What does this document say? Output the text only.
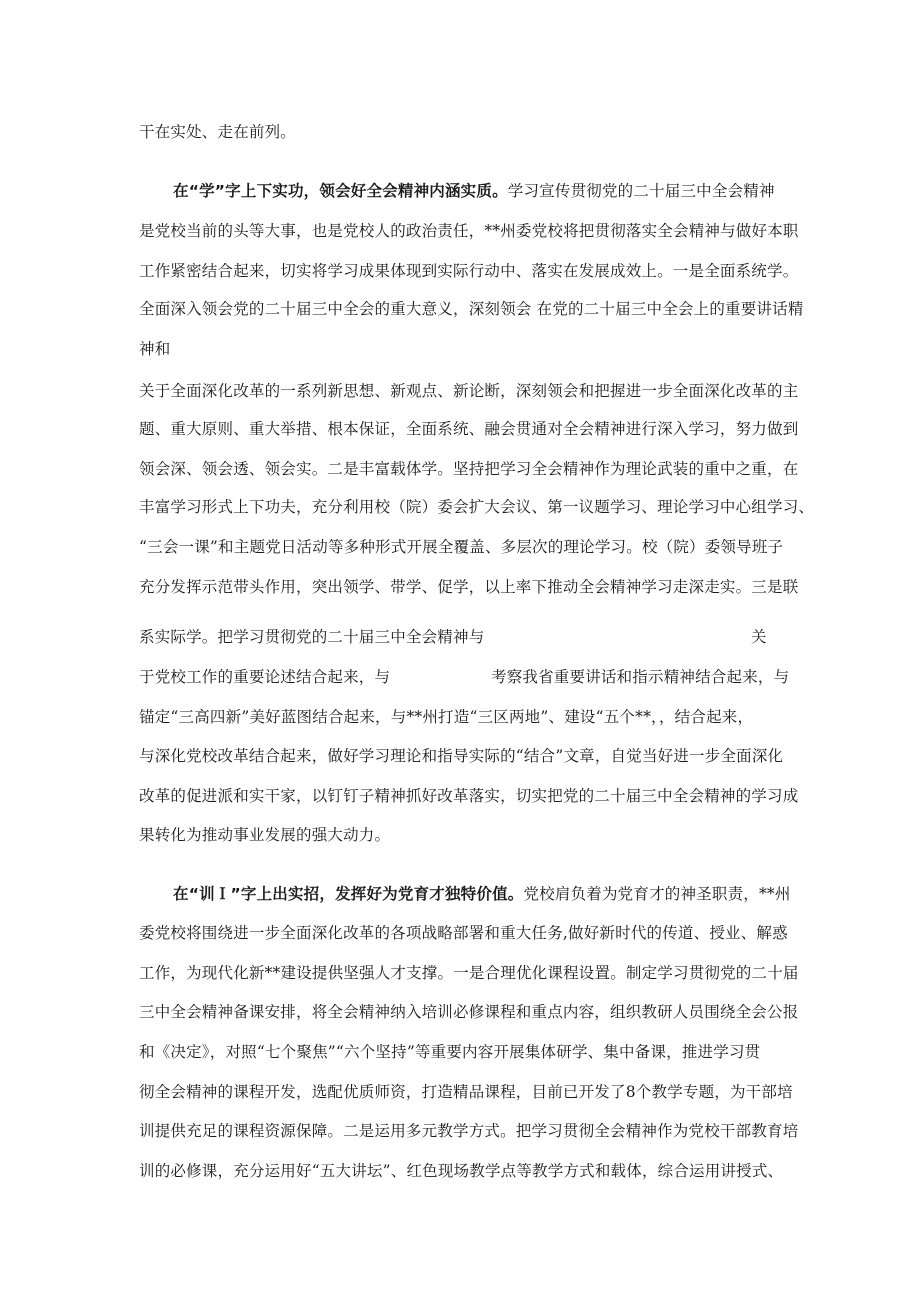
干在实处、走在前列。
在“学”字上下实功，领会好全会精神内涵实质。学习宣传贯彻党的二十届三中全会精神
是党校当前的头等大事，也是党校人的政治责任，**州委党校将把贯彻落实全会精神与做好本职
工作紧密结合起来，切实将学习成果体现到实际行动中、落实在发展成效上。一是全面系统学。
全面深入领会党的二十届三中全会的重大意义，深刻领会 在党的二十届三中全会上的重要讲话精
神和
关于全面深化改革的一系列新思想、新观点、新论断，深刻领会和把握进一步全面深化改革的主
题、重大原则、重大举措、根本保证，全面系统、融会贯通对全会精神进行深入学习，努力做到
领会深、领会透、领会实。二是丰富载体学。坚持把学习全会精神作为理论武装的重中之重，在
丰富学习形式上下功夫，充分利用校（院）委会扩大会议、第一议题学习、理论学习中心组学习、
“三会一课”和主题党日活动等多种形式开展全覆盖、多层次的理论学习。校（院）委领导班子
充分发挥示范带头作用，突出领学、带学、促学，以上率下推动全会精神学习走深走实。三是联
系实际学。把学习贯彻党的二十届三中全会精神与	关
于党校工作的重要论述结合起来，与	考察我省重要讲话和指示精神结合起来，与
锚定“三高四新”美好蓝图结合起来，与**州打造“三区两地”、建设“五个**，，结合起来，
与深化党校改革结合起来，做好学习理论和指导实际的“结合”文章，自觉当好进一步全面深化
改革的促进派和实干家，以钉钉子精神抓好改革落实，切实把党的二十届三中全会精神的学习成
果转化为推动事业发展的强大动力。
在“训Ｉ”字上出实招，发挥好为党育才独特价值。党校肩负着为党育才的神圣职责，**州
委党校将围绕进一步全面深化改革的各项战略部署和重大任务,做好新时代的传道、授业、解惑
工作，为现代化新**建设提供坚强人才支撑。一是合理优化课程设置。制定学习贯彻党的二十届
三中全会精神备课安排，将全会精神纳入培训必修课程和重点内容，组织教研人员围绕全会公报
和《决定》，对照“七个聚焦”“六个坚持”等重要内容开展集体研学、集中备课，推进学习贯
彻全会精神的课程开发，选配优质师资，打造精品课程，目前已开发了8个教学专题，为干部培
训提供充足的课程资源保障。二是运用多元教学方式。把学习贯彻全会精神作为党校干部教育培
训的必修课，充分运用好“五大讲坛”、红色现场教学点等教学方式和载体，综合运用讲授式、
